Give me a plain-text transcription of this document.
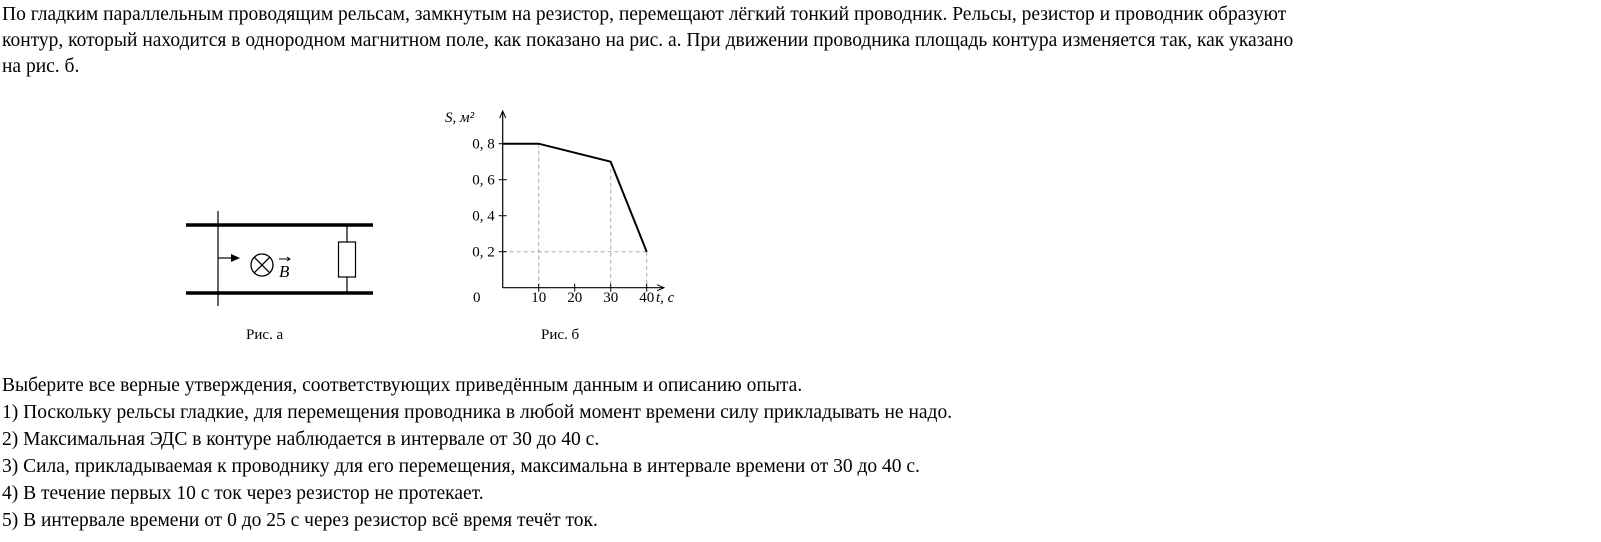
По гладким параллельным проводящим рельсам, замкнутым на резистор, перемещают лёгкий тонкий проводник. Рельсы, резистор и проводник образуют
контур, который находится в однородном магнитном поле, как показано на рис. а. При движении проводника площадь контура изменяется так, как указано
на рис. б.
B
0	10 20 30 40
0, 2
0, 4
0, 6
0, 8
t, с
S, м²
Рис. а	Рис. б
Выберите все верные утверждения, соответствующих приведённым данным и описанию опыта.
1) Поскольку рельсы гладкие, для перемещения проводника в любой момент времени силу прикладывать не надо.
2) Максимальная ЭДС в контуре наблюдается в интервале от 30 до 40 с.
3) Сила, прикладываемая к проводнику для его перемещения, максимальна в интервале времени от 30 до 40 с.
4) В течение первых 10 с ток через резистор не протекает.
5) В интервале времени от 0 до 25 с через резистор всё время течёт ток.
